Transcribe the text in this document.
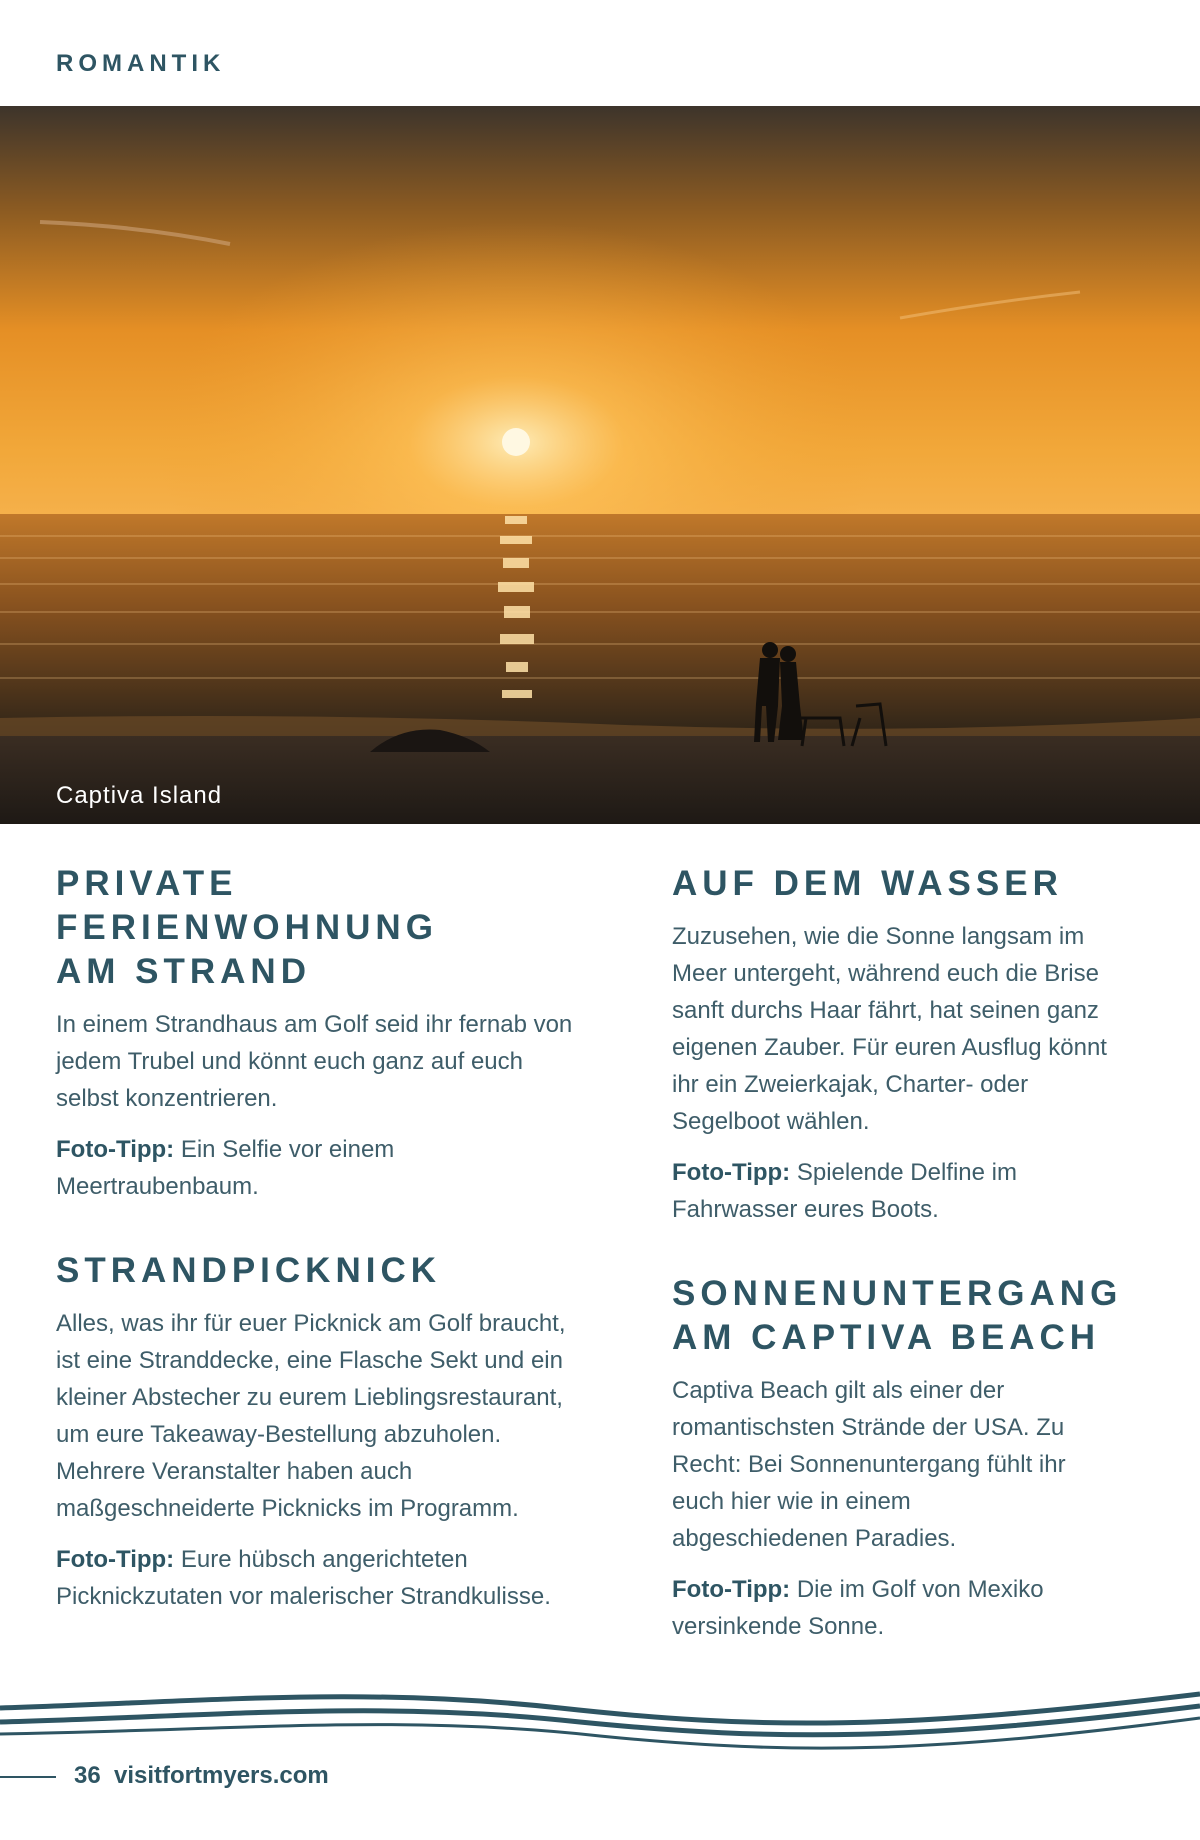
ROMANTIK
Captiva Island
PRIVATE FERIENWOHNUNG
AM STRAND

In einem Strandhaus am Golf seid ihr fernab von jedem Trubel und könnt euch ganz auf euch selbst konzentrieren.

Foto-Tipp: Ein Selfie vor einem Meertraubenbaum.

STRANDPICKNICK

Alles, was ihr für euer Picknick am Golf braucht, ist eine Stranddecke, eine Flasche Sekt und ein kleiner Abstecher zu eurem Lieblingsrestaurant, um eure Takeaway-Bestellung abzuholen. Mehrere Veranstalter haben auch maßgeschneiderte Picknicks im Programm.

Foto-Tipp: Eure hübsch angerichteten Picknickzutaten vor malerischer Strandkulisse.

AUF DEM WASSER

Zuzusehen, wie die Sonne langsam im Meer untergeht, während euch die Brise sanft durchs Haar fährt, hat seinen ganz eigenen Zauber. Für euren Ausflug könnt ihr ein Zweierkajak, Charter- oder Segelboot wählen.

Foto-Tipp: Spielende Delfine im Fahrwasser eures Boots.

SONNENUNTERGANG
AM CAPTIVA BEACH

Captiva Beach gilt als einer der romantischsten Strände der USA. Zu Recht: Bei Sonnenuntergang fühlt ihr euch hier wie in einem abgeschiedenen Paradies.

Foto-Tipp: Die im Golf von Mexiko versinkende Sonne.

36 visitfortmyers.com
